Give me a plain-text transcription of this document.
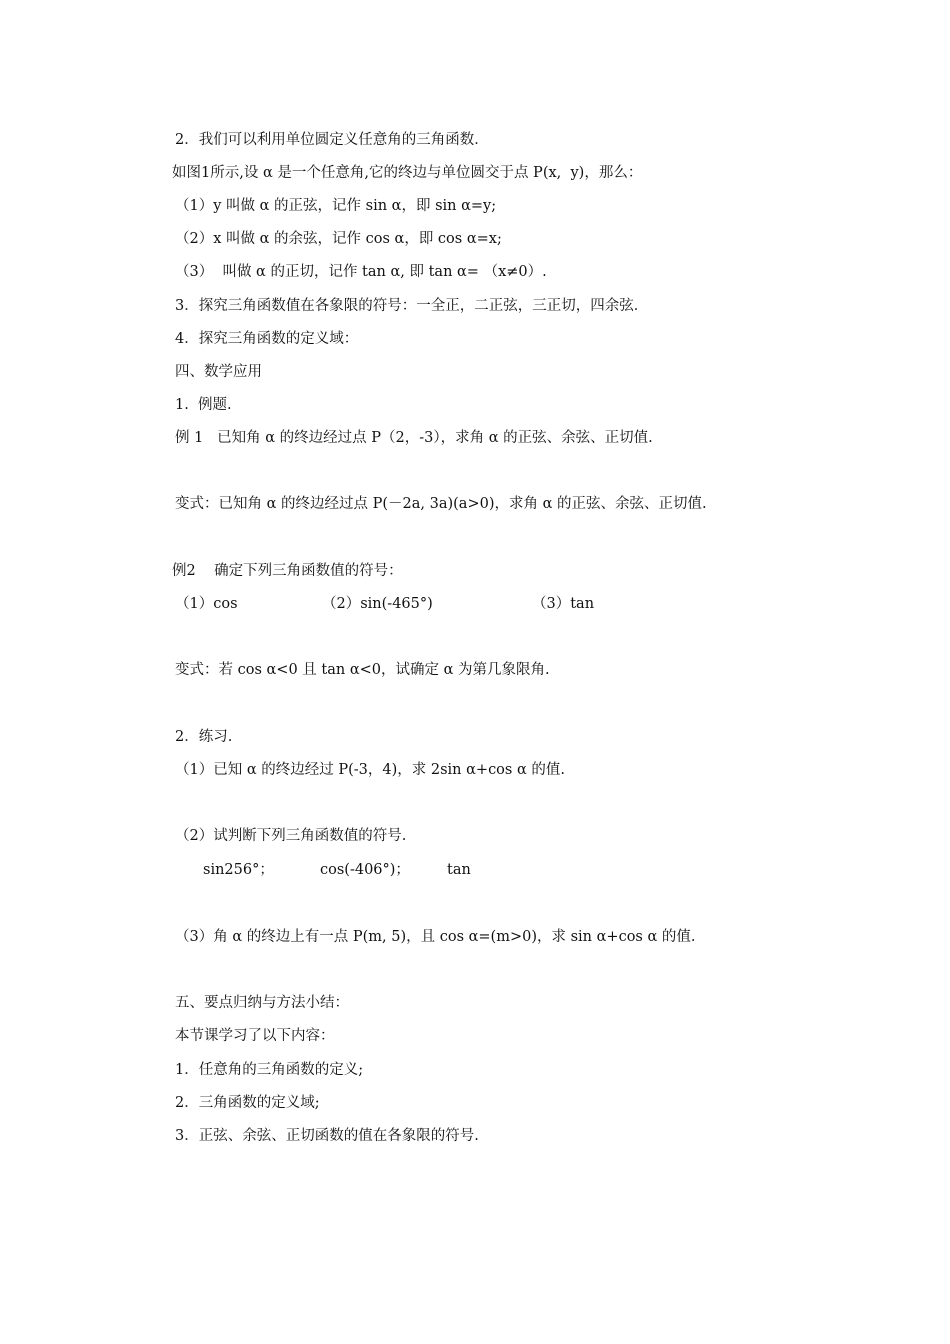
2．我们可以利用单位圆定义任意角的三角函数．
如图1所示,设 α 是一个任意角,它的终边与单位圆交于点 P(x,  y)，那么：
（1）y 叫做 α 的正弦，记作 sin α，即 sin α=y;
（2）x 叫做 α 的余弦，记作 cos α，即 cos α=x;
（3）  叫做 α 的正切，记作 tan α, 即 tan α= （x≠0）.
3．探究三角函数值在各象限的符号：一全正，二正弦，三正切，四余弦．
4．探究三角函数的定义域：
四、数学应用
1.  例题.
例 1   已知角 α 的终边经过点 P（2，-3），求角 α 的正弦、余弦、正切值.
变式：已知角 α 的终边经过点 P(－2a, 3a)(a>0)，求角 α 的正弦、余弦、正切值.
例2    确定下列三角函数值的符号：
（1）cos	（2）sin(-465°)	（3）tan
变式：若 cos α<0 且 tan α<0，试确定 α 为第几象限角.
2．练习.
（1）已知 α 的终边经过 P(-3，4)，求 2sin α+cos α 的值.
（2）试判断下列三角函数值的符号.
sin256°；	cos(-406°)；	tan
（3）角 α 的终边上有一点 P(m, 5)，且 cos α=(m>0)，求 sin α+cos α 的值.
五、要点归纳与方法小结：
本节课学习了以下内容：
1．任意角的三角函数的定义;
2．三角函数的定义域;
3．正弦、余弦、正切函数的值在各象限的符号.
